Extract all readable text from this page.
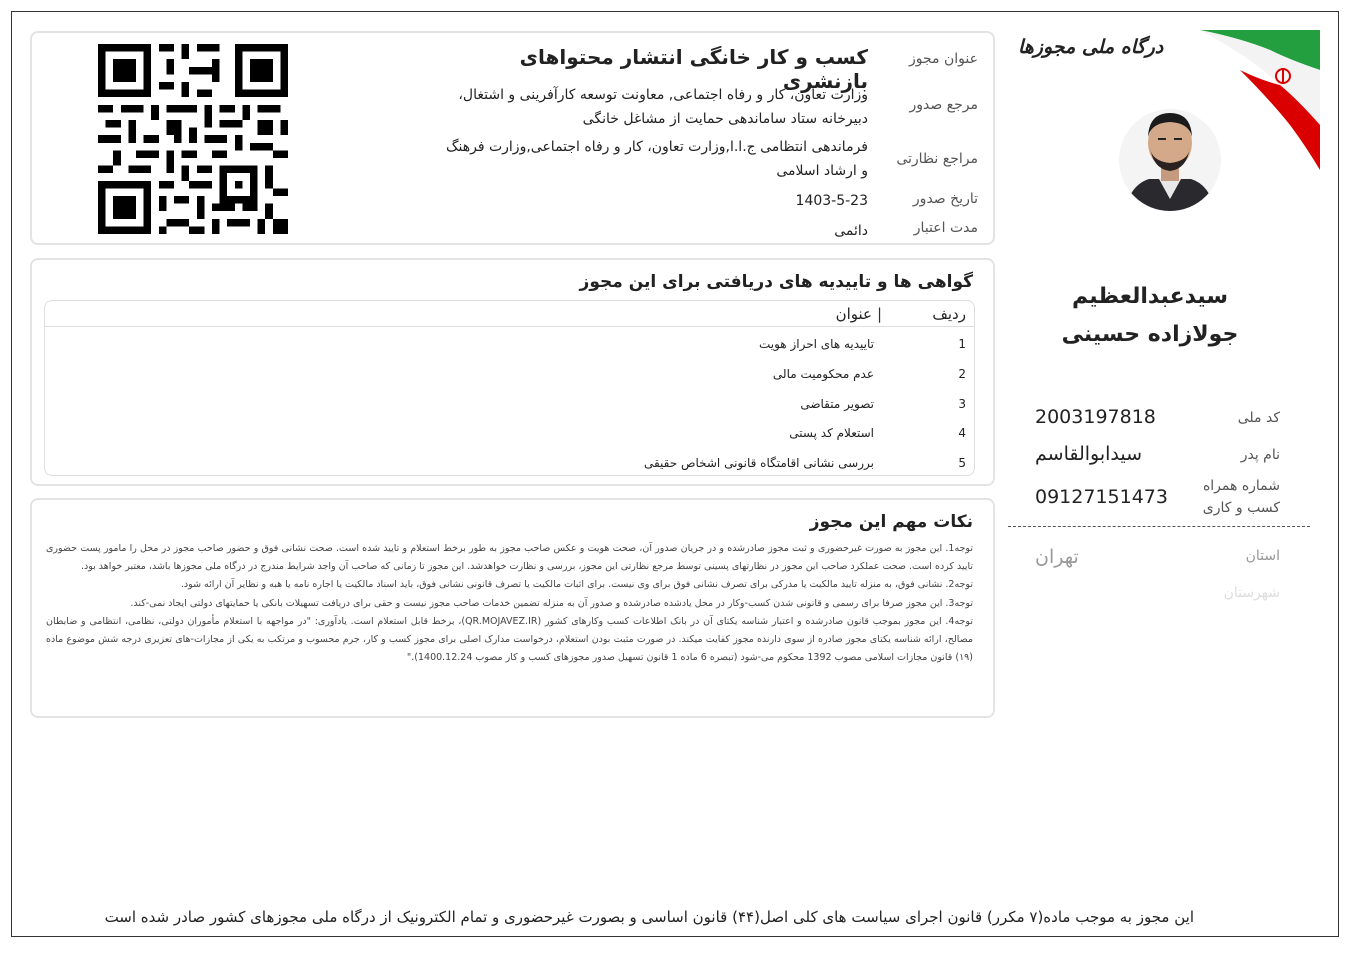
عنوان مجوز
کسب و کار خانگی انتشار محتواهای بازنشری
مرجع صدور
وزارت تعاون، کار و رفاه اجتماعی, معاونت توسعه کارآفرینی و اشتغال، دبیرخانه ستاد ساماندهی حمایت از مشاغل خانگی
مراجع نظارتی
فرماندهی انتظامی ج.ا.ا,وزارت تعاون، کار و رفاه اجتماعی,وزارت فرهنگ و ارشاد اسلامی
تاریخ صدور
1403-5-23
مدت اعتبار
دائمی
گواهی ها و تاییدیه های دریافتی برای این مجوز
ردیف
|
عنوان
1
تاییدیه های احراز هویت
2
عدم محکومیت مالی
3
تصویر متقاضی
4
استعلام کد پستی
5
بررسی نشانی اقامتگاه قانونی اشخاص حقیقی
نکات مهم این مجوز
توجه1. این مجوز به صورت غیرحضوری و ثبت مجوز صادرشده و در جریان صدور آن، صحت هویت و عکس صاحب مجوز به طور برخط استعلام و تایید شده است. صحت نشانی فوق و حضور صاحب مجوز در محل را مامور پست حضوری تایید کرده است. صحت عملکرد صاحب این مجوز در نظارتهای پسینی توسط مرجع نظارتی این مجوز، بررسی و نظارت خواهدشد. این مجوز تا زمانی که صاحب آن واجد شرایط مندرج در درگاه ملی مجوزها باشد، معتبر خواهد بود.
توجه2. نشانی فوق، به منزله تایید مالکیت یا مدرکی برای تصرف نشانی فوق برای وی نیست. برای اثبات مالکیت یا تصرف قانونی نشانی فوق، باید اسناد مالکیت یا اجاره نامه یا هبه و نظایر آن ارائه شود.
توجه3. این مجوز صرفا برای رسمی و قانونی شدن کسب-وکار در محل یادشده صادرشده و صدور آن به منزله تضمین خدمات صاحب مجوز نیست و حقی برای دریافت تسهیلات بانکی یا حمایتهای دولتی ایجاد نمی-کند.
توجه4. این مجوز بموجب قانون صادرشده و اعتبار شناسه یکتای آن در بانک اطلاعات کسب وکارهای کشور (QR.MOJAVEZ.IR)، برخط قابل استعلام است. یادآوری: "در مواجهه با استعلام مأموران دولتی، نظامی، انتظامی و ضابطان مصالح، ارائه شناسه یکتای مجوز صادره از سوی دارنده مجوز کفایت میکند. در صورت مثبت بودن استعلام، درخواست مدارک اصلی برای مجوز کسب و کار، جرم محسوب و مرتکب به یکی از مجازات-های تعزیری درجه شش موضوع ماده (۱۹) قانون مجازات اسلامی مصوب 1392 محکوم می-شود (تبصره 6 ماده 1 قانون تسهیل صدور مجوزهای کسب و کار مصوب 1400.12.24)."
درگاه ملی مجوزها
سیدعبدالعظیم
جولازاده حسینی
کد ملی
2003197818
نام پدر
سیدابوالقاسم
شماره همراه
کسب و کاری
09127151473
استان
تهران
شهرستان
این مجوز به موجب ماده(۷ مکرر) قانون اجرای سیاست های کلی اصل(۴۴) قانون اساسی و بصورت غیرحضوری و تمام الکترونیک از درگاه ملی مجوزهای کشور صادر شده است
